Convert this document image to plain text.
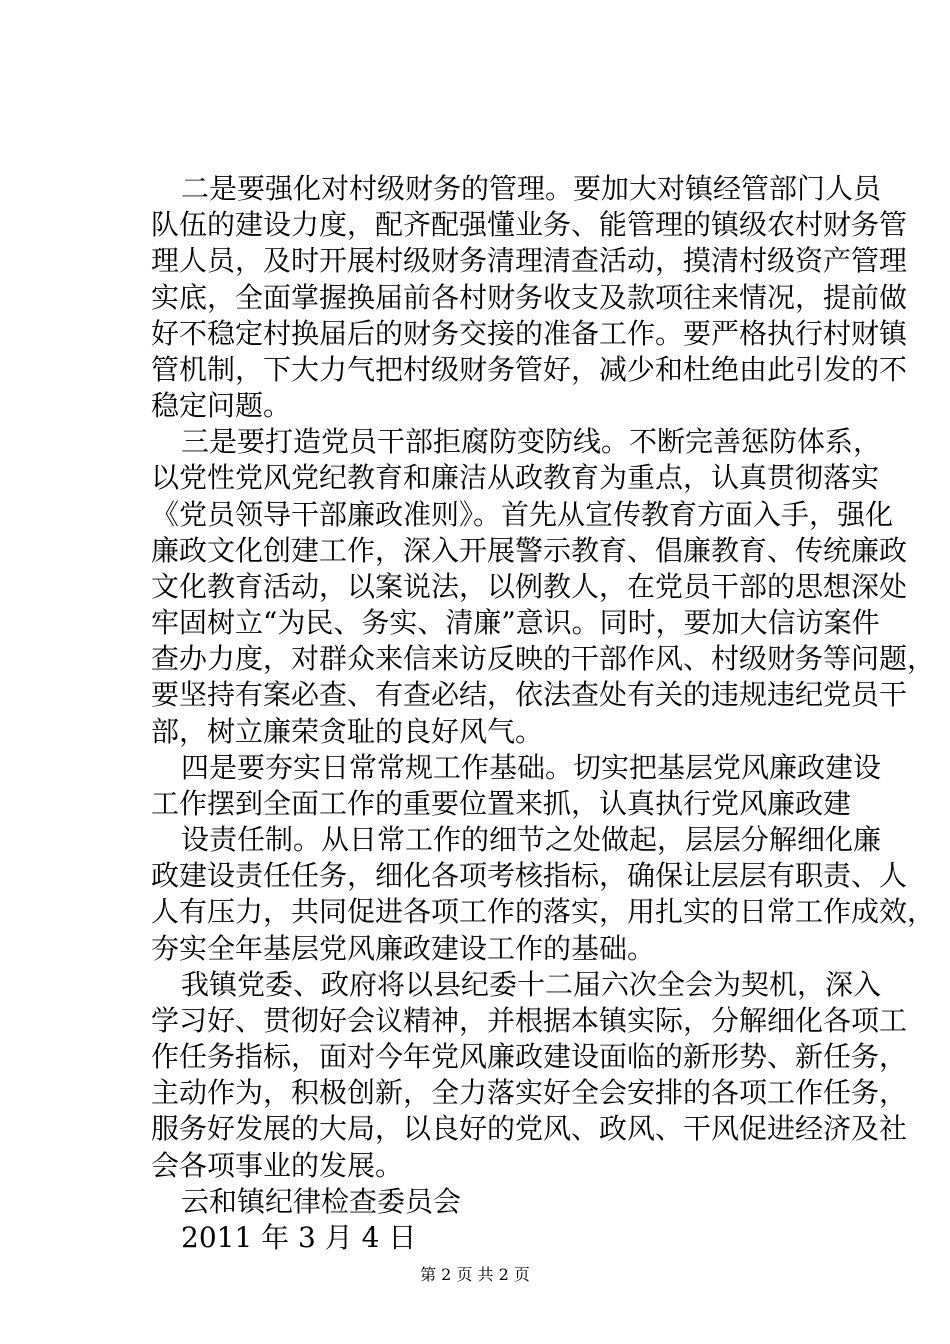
二是要强化对村级财务的管理。要加大对镇经管部门人员
队伍的建设力度，配齐配强懂业务、能管理的镇级农村财务管
理人员，及时开展村级财务清理清查活动，摸清村级资产管理
实底，全面掌握换届前各村财务收支及款项往来情况，提前做
好不稳定村换届后的财务交接的准备工作。要严格执行村财镇
管机制，下大力气把村级财务管好，减少和杜绝由此引发的不
稳定问题。
三是要打造党员干部拒腐防变防线。不断完善惩防体系，
以党性党风党纪教育和廉洁从政教育为重点，认真贯彻落实
《党员领导干部廉政准则》。首先从宣传教育方面入手，强化
廉政文化创建工作，深入开展警示教育、倡廉教育、传统廉政
文化教育活动，以案说法，以例教人，在党员干部的思想深处
牢固树立“为民、务实、清廉”意识。同时，要加大信访案件
查办力度，对群众来信来访反映的干部作风、村级财务等问题，
要坚持有案必查、有查必结，依法查处有关的违规违纪党员干
部，树立廉荣贪耻的良好风气。
四是要夯实日常常规工作基础。切实把基层党风廉政建设
工作摆到全面工作的重要位置来抓，认真执行党风廉政建
设责任制。从日常工作的细节之处做起，层层分解细化廉
政建设责任任务，细化各项考核指标，确保让层层有职责、人
人有压力，共同促进各项工作的落实，用扎实的日常工作成效，
夯实全年基层党风廉政建设工作的基础。
我镇党委、政府将以县纪委十二届六次全会为契机，深入
学习好、贯彻好会议精神，并根据本镇实际，分解细化各项工
作任务指标，面对今年党风廉政建设面临的新形势、新任务，
主动作为，积极创新，全力落实好全会安排的各项工作任务，
服务好发展的大局，以良好的党风、政风、干风促进经济及社
会各项事业的发展。
云和镇纪律检查委员会
2011 年 3 月 4 日
第 2 页 共 2 页
